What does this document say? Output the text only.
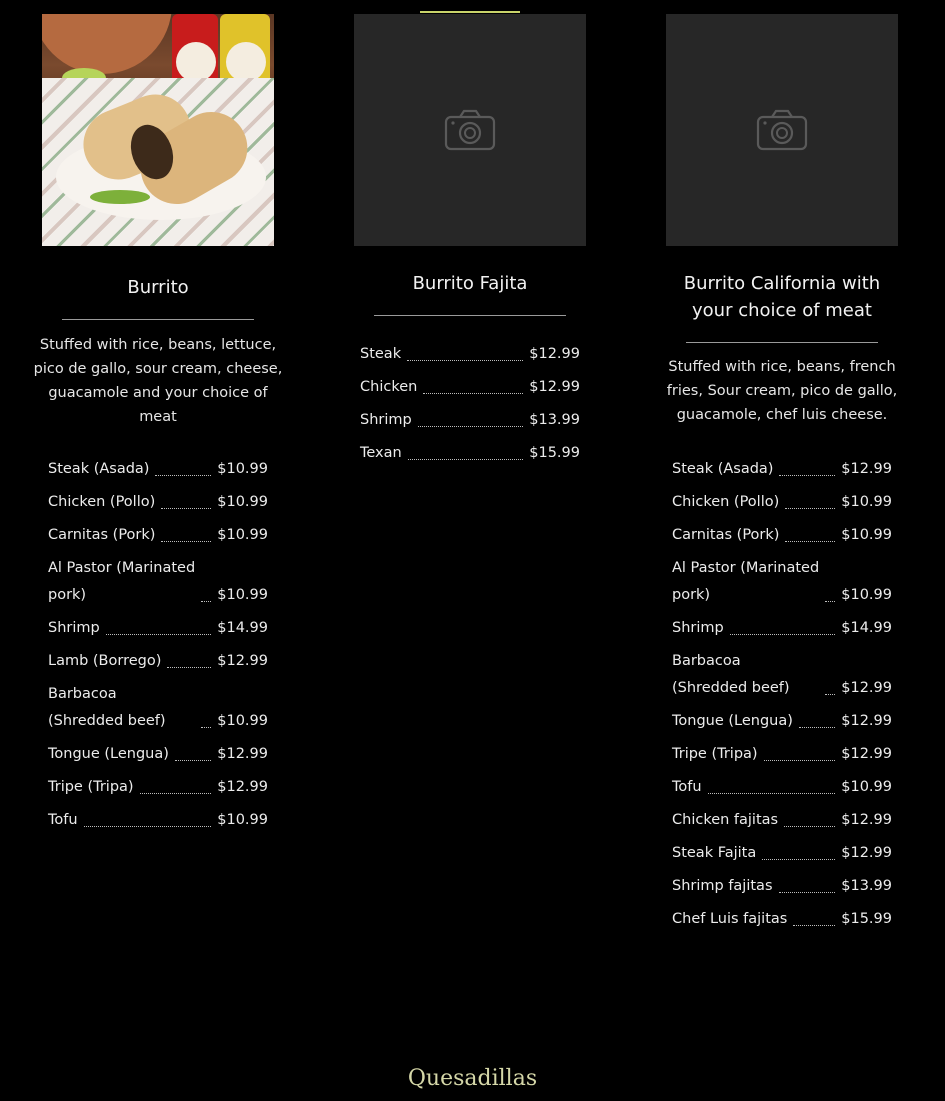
Burrito
Stuffed with rice, beans, lettuce, pico de gallo, sour cream, cheese, guacamole and your choice of meat
Steak (Asada)	$10.99
Chicken (Pollo)	$10.99
Carnitas (Pork)	$10.99
Al Pastor (Marinated pork)	$10.99
Shrimp	$14.99
Lamb (Borrego)	$12.99
Barbacoa (Shredded beef)	$10.99
Tongue (Lengua)	$12.99
Tripe (Tripa)	$12.99
Tofu	$10.99
Burrito Fajita
Steak	$12.99
Chicken	$12.99
Shrimp	$13.99
Texan	$15.99
Burrito California with your choice of meat
Stuffed with rice, beans, french fries, Sour cream, pico de gallo, guacamole, chef luis cheese.
Steak (Asada)	$12.99
Chicken (Pollo)	$10.99
Carnitas (Pork)	$10.99
Al Pastor (Marinated pork)	$10.99
Shrimp	$14.99
Barbacoa (Shredded beef)	$12.99
Tongue (Lengua)	$12.99
Tripe (Tripa)	$12.99
Tofu	$10.99
Chicken fajitas	$12.99
Steak Fajita	$12.99
Shrimp fajitas	$13.99
Chef Luis fajitas	$15.99
Quesadillas
